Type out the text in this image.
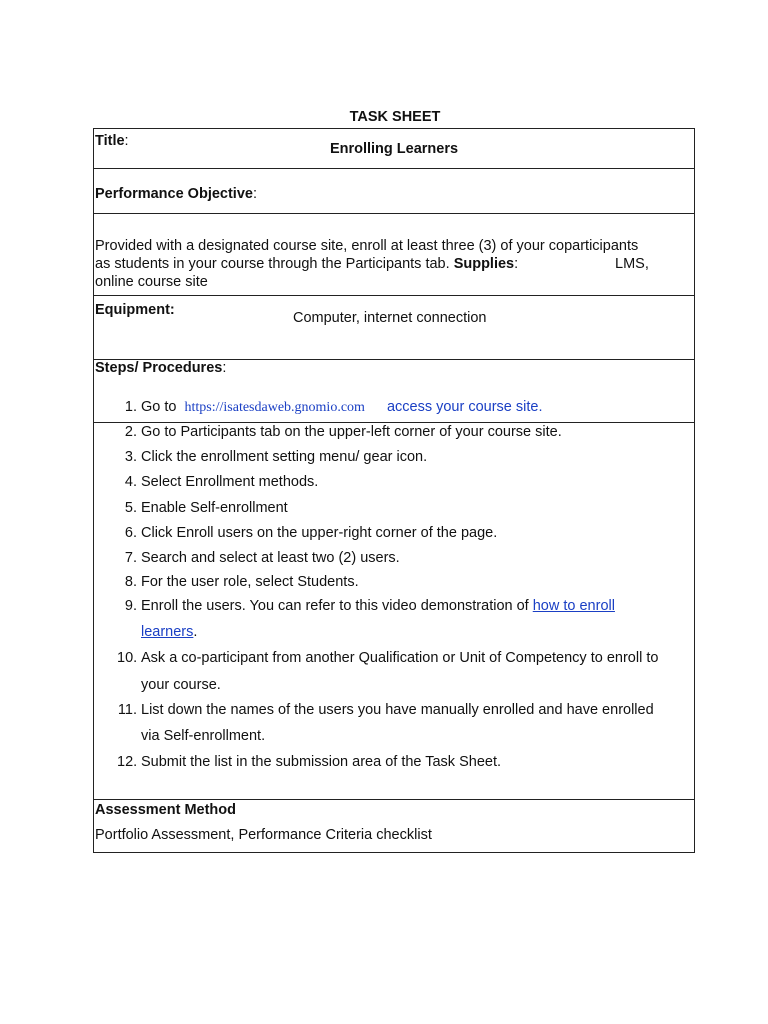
TASK SHEET
Title:	Enrolling Learners
Performance Objective:
Provided with a designated course site, enroll at least three (3) of your coparticipants
as students in your course through the Participants tab. Supplies:	LMS,
online course site
Equipment:	Computer, internet connection
Steps/ Procedures:
1. Go to https://isatesdaweb.gnomio.com access your course site.
2. Go to Participants tab on the upper-left corner of your course site.
3. Click the enrollment setting menu/ gear icon.
4. Select Enrollment methods.
5. Enable Self-enrollment
6. Click Enroll users on the upper-right corner of the page.
7. Search and select at least two (2) users.
8. For the user role, select Students.
9. Enroll the users. You can refer to this video demonstration of how to enroll
learners.
10. Ask a co-participant from another Qualification or Unit of Competency to enroll to
your course.
11. List down the names of the users you have manually enrolled and have enrolled
via Self-enrollment.
12. Submit the list in the submission area of the Task Sheet.
Assessment Method
Portfolio Assessment, Performance Criteria checklist
